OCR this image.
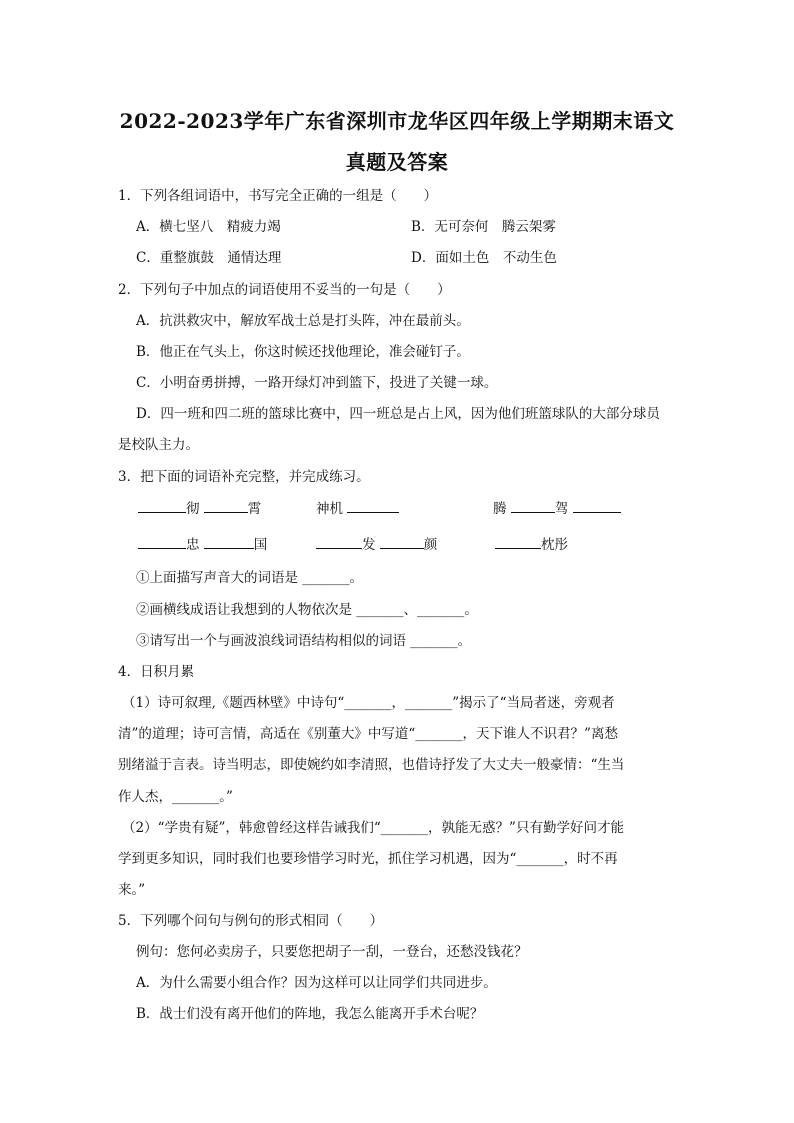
2022-2023学年广东省深圳市龙华区四年级上学期期末语文
真题及答案
1．下列各组词语中，书写完全正确的一组是（　　）
A．横七坚八　精疲力竭	B．无可奈何　腾云架雾
C．重整旗鼓　通情达理	D．面如土色　不动生色
2．下列句子中加点的词语使用不妥当的一句是（　　）
A．抗洪救灾中，解放军战士总是打头阵，冲在最前头。
B．他正在气头上，你这时候还找他理论，准会碰钉子。
C．小明奋勇拼搏，一路开绿灯冲到篮下，投进了关键一球。
D．四一班和四二班的篮球比赛中，四一班总是占上风，因为他们班篮球队的大部分球员
是校队主力。
3．把下面的词语补充完整，并完成练习。
彻	霄	神机	腾	驾
忠	国	发	颜	枕彤
①上面描写声音大的词语是 _______。
②画横线成语让我想到的人物依次是 _______、_______。
③请写出一个与画波浪线词语结构相似的词语 _______。
4．日积月累
（1）诗可叙理,《题西林壁》中诗句“_______，_______”揭示了“当局者迷，旁观者
清”的道理；诗可言情，高适在《别董大》中写道“_______，天下谁人不识君？”离愁
别绪溢于言表。诗当明志，即使婉约如李清照，也借诗抒发了大丈夫一般豪情：“生当
作人杰，_______。”
（2）“学贵有疑”，韩愈曾经这样告诫我们“_______，孰能无惑？”只有勤学好问才能
学到更多知识，同时我们也要珍惜学习时光，抓住学习机遇，因为“_______，时不再
来。”
5．下列哪个问句与例句的形式相同（　　）
例句：您何必卖房子，只要您把胡子一刮，一登台，还愁没钱花？
A．为什么需要小组合作？因为这样可以让同学们共同进步。
B．战士们没有离开他们的阵地，我怎么能离开手术台呢？
